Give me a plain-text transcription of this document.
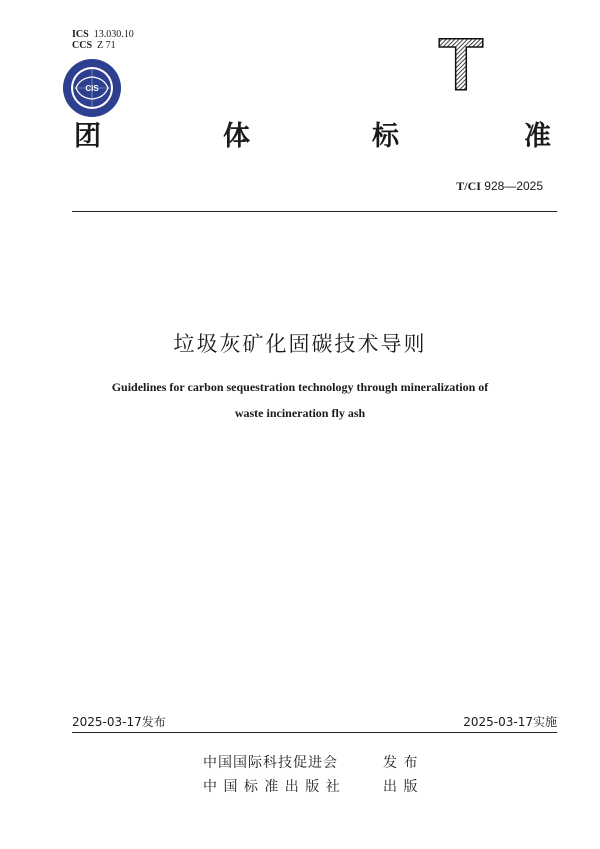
ICS 13.030.10
CCS Z 71
CIS	T
团	体	标	准
T/CI 928—2025
垃圾灰矿化固碳技术导则
Guidelines for carbon sequestration technology through mineralization of
waste incineration fly ash
2025-03-17发布	2025-03-17实施
中国国际科技促进会	发 布
中 国 标 准 出 版 社	出 版
